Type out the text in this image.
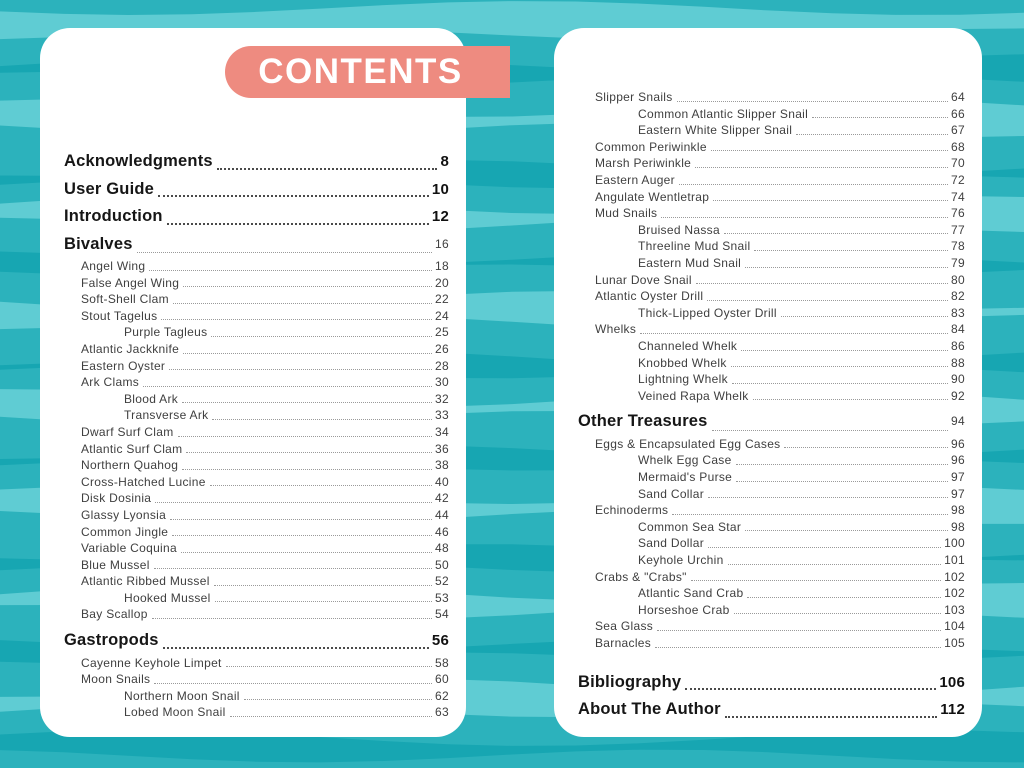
CONTENTS
Acknowledgments	8
User Guide	10
Introduction	12
Bivalves	16
Angel Wing	18
False Angel Wing	20
Soft-Shell Clam	22
Stout Tagelus	24
Purple Tagleus	25
Atlantic Jackknife	26
Eastern Oyster	28
Ark Clams	30
Blood Ark	32
Transverse Ark	33
Dwarf Surf Clam	34
Atlantic Surf Clam	36
Northern Quahog	38
Cross-Hatched Lucine	40
Disk Dosinia	42
Glassy Lyonsia	44
Common Jingle	46
Variable Coquina	48
Blue Mussel	50
Atlantic Ribbed Mussel	52
Hooked Mussel	53
Bay Scallop	54
Gastropods	56
Cayenne Keyhole Limpet	58
Moon Snails	60
Northern Moon Snail	62
Lobed Moon Snail	63
Slipper Snails	64
Common Atlantic Slipper Snail	66
Eastern White Slipper Snail	67
Common Periwinkle	68
Marsh Periwinkle	70
Eastern Auger	72
Angulate Wentletrap	74
Mud Snails	76
Bruised Nassa	77
Threeline Mud Snail	78
Eastern Mud Snail	79
Lunar Dove Snail	80
Atlantic Oyster Drill	82
Thick-Lipped Oyster Drill	83
Whelks	84
Channeled Whelk	86
Knobbed Whelk	88
Lightning Whelk	90
Veined Rapa Whelk	92
Other Treasures	94
Eggs & Encapsulated Egg Cases	96
Whelk Egg Case	96
Mermaid's Purse	97
Sand Collar	97
Echinoderms	98
Common Sea Star	98
Sand Dollar	100
Keyhole Urchin	101
Crabs & "Crabs"	102
Atlantic Sand Crab	102
Horseshoe Crab	103
Sea Glass	104
Barnacles	105
Bibliography	106
About The Author	112
